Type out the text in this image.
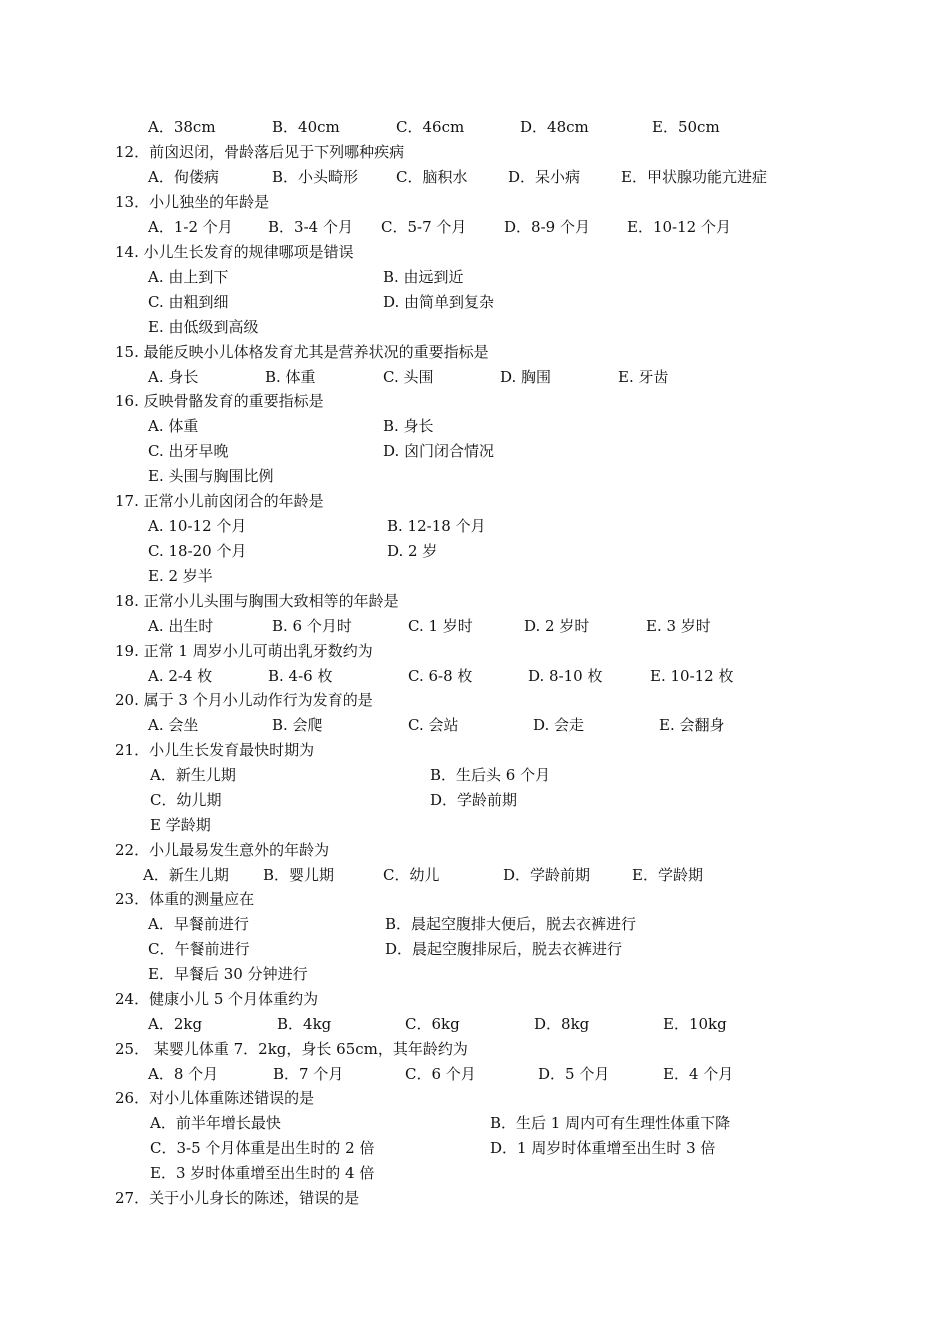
A．38cm	B．40cm	C．46cm	D．48cm	E．50cm
12．前囟迟闭，骨龄落后见于下列哪种疾病
A．佝偻病	B．小头畸形	C．脑积水	D．呆小病	E．甲状腺功能亢进症
13．小儿独坐的年龄是
A．1-2 个月 B．3-4 个月 C．5-7 个月	D．8-9 个月 E．10-12 个月
14. 小儿生长发育的规律哪项是错误
A. 由上到下	B. 由远到近
C. 由粗到细	D. 由简单到复杂
E. 由低级到高级
15. 最能反映小儿体格发育尤其是营养状况的重要指标是
A. 身长	B. 体重	C. 头围	D. 胸围	E. 牙齿
16. 反映骨骼发育的重要指标是
A. 体重	B. 身长
C. 出牙早晚	D. 囟门闭合情况
E. 头围与胸围比例
17. 正常小儿前囟闭合的年龄是
A. 10-12 个月	B. 12-18 个月
C. 18-20 个月	D. 2 岁
E. 2 岁半
18. 正常小儿头围与胸围大致相等的年龄是
A. 出生时	B. 6 个月时	C. 1 岁时	D. 2 岁时	E. 3 岁时
19. 正常 1 周岁小儿可萌出乳牙数约为
A. 2-4 枚	B. 4-6 枚	C. 6-8 枚	D. 8-10 枚	E. 10-12 枚
20. 属于 3 个月小儿动作行为发育的是
A. 会坐	B. 会爬	C. 会站	D. 会走	E. 会翻身
21．小儿生长发育最快时期为
A．新生儿期	B．生后头 6 个月
C．幼儿期	D．学龄前期
E 学龄期
22．小儿最易发生意外的年龄为
A．新生儿期 B．婴儿期	C．幼儿	D．学龄前期	E．学龄期
23．体重的测量应在
A．早餐前进行	B．晨起空腹排大便后，脱去衣裤进行
C．午餐前进行	D．晨起空腹排尿后，脱去衣裤进行
E．早餐后 30 分钟进行
24．健康小儿 5 个月体重约为
A．2kg	B．4kg	C．6kg	D．8kg	E．10kg
25． 某婴儿体重 7．2kg，身长 65cm，其年龄约为
A．8 个月	B．7 个月	C．6 个月	D．5 个月	E．4 个月
26．对小儿体重陈述错误的是
A．前半年增长最快	B．生后 1 周内可有生理性体重下降
C．3-5 个月体重是出生时的 2 倍	D．1 周岁时体重增至出生时 3 倍
E．3 岁时体重增至出生时的 4 倍
27．关于小儿身长的陈述，错误的是
